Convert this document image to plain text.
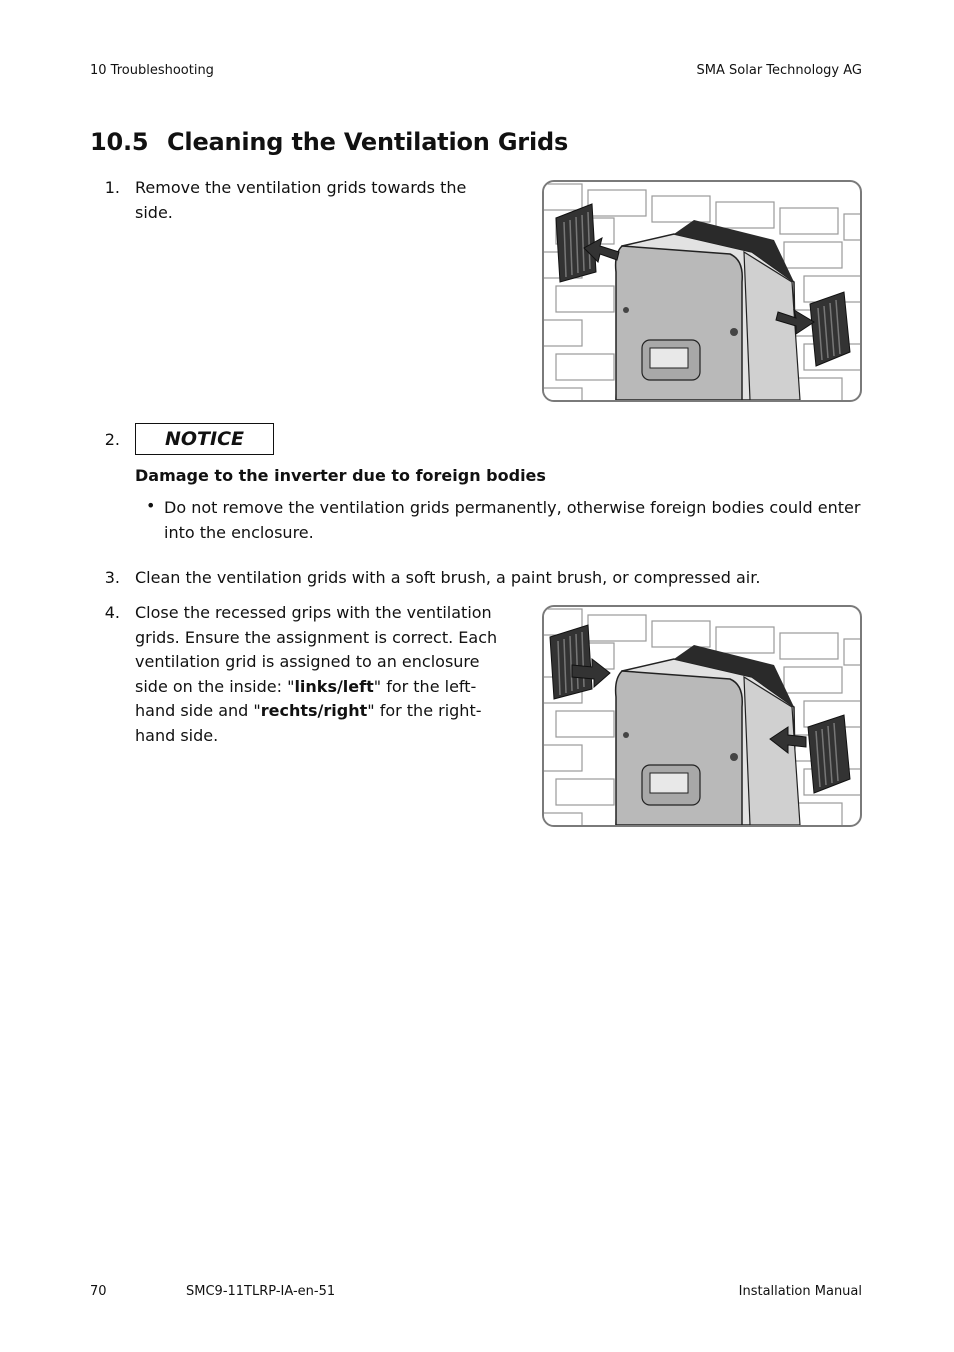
10 Troubleshooting	SMA Solar Technology AG
10.5 Cleaning the Ventilation Grids
1. Remove the ventilation grids towards the side.
2.	NOTICE
Damage to the inverter due to foreign bodies
• Do not remove the ventilation grids permanently, otherwise foreign bodies could enter into the enclosure.
3. Clean the ventilation grids with a soft brush, a paint brush, or compressed air.
4. Close the recessed grips with the ventilation grids. Ensure the assignment is correct. Each ventilation grid is assigned to an enclosure side on the inside: "links/left" for the left-hand side and "rechts/right" for the right-hand side.
70	SMC9-11TLRP-IA-en-51	Installation Manual
